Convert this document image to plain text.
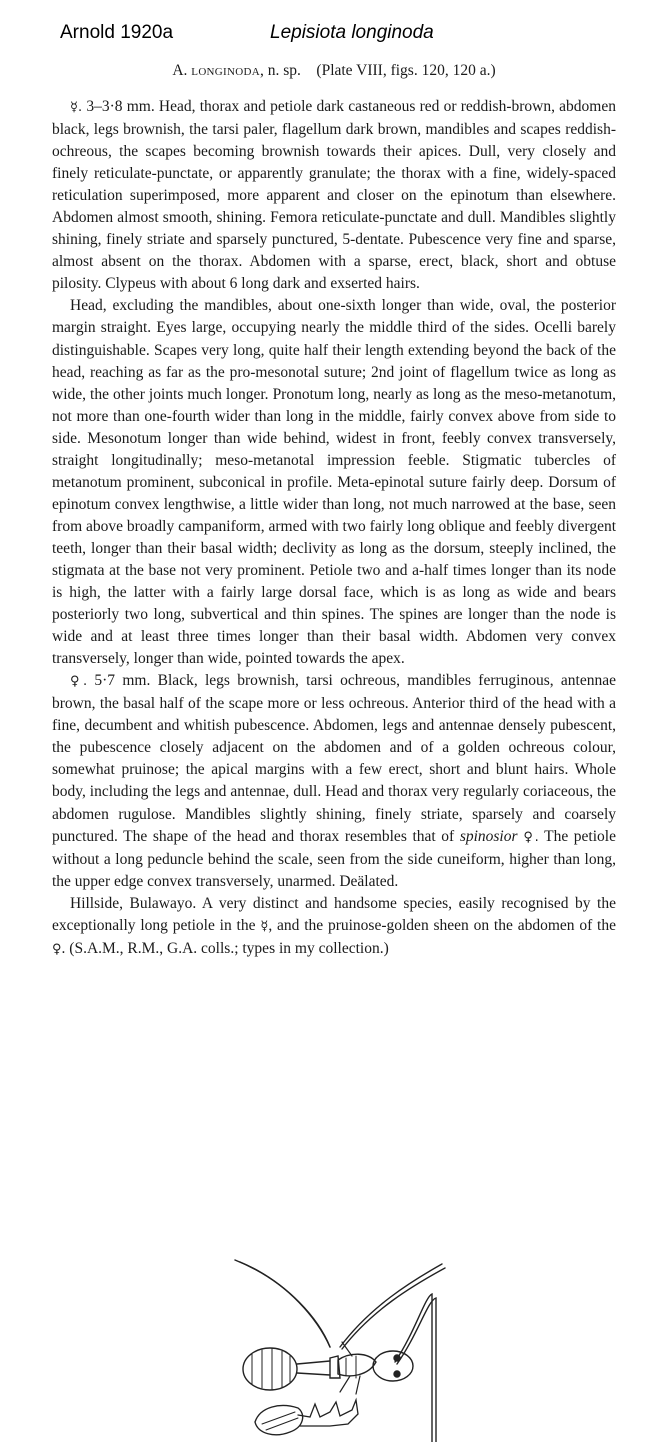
Arnold 1920a	Lepisiota longinoda
A. longinoda, n. sp.    (Plate VIII, figs. 120, 120 a.)

☿. 3–3·8 mm. Head, thorax and petiole dark castaneous red or reddish-brown, abdomen black, legs brownish, the tarsi paler, flagellum dark brown, mandibles and scapes reddish-ochreous, the scapes becoming brownish towards their apices. Dull, very closely and finely reticulate-punctate, or apparently granulate; the thorax with a fine, widely-spaced reticulation superimposed, more apparent and closer on the epinotum than elsewhere. Abdomen almost smooth, shining. Femora reticulate-punctate and dull. Mandibles slightly shining, finely striate and sparsely punctured, 5-dentate. Pubescence very fine and sparse, almost absent on the thorax. Abdomen with a sparse, erect, black, short and obtuse pilosity. Clypeus with about 6 long dark and exserted hairs.

Head, excluding the mandibles, about one-sixth longer than wide, oval, the posterior margin straight. Eyes large, occupying nearly the middle third of the sides. Ocelli barely distinguishable. Scapes very long, quite half their length extending beyond the back of the head, reaching as far as the pro-mesonotal suture; 2nd joint of flagellum twice as long as wide, the other joints much longer. Pronotum long, nearly as long as the meso-metanotum, not more than one-fourth wider than long in the middle, fairly convex above from side to side. Mesonotum longer than wide behind, widest in front, feebly convex transversely, straight longitudinally; meso-metanotal impression feeble. Stigmatic tubercles of metanotum prominent, subconical in profile. Meta-epinotal suture fairly deep. Dorsum of epinotum convex lengthwise, a little wider than long, not much narrowed at the base, seen from above broadly campaniform, armed with two fairly long oblique and feebly divergent teeth, longer than their basal width; declivity as long as the dorsum, steeply inclined, the stigmata at the base not very prominent. Petiole two and a-half times longer than its node is high, the latter with a fairly large dorsal face, which is as long as wide and bears posteriorly two long, subvertical and thin spines. The spines are longer than the node is wide and at least three times longer than their basal width. Abdomen very convex transversely, longer than wide, pointed towards the apex.

♀. 5·7 mm. Black, legs brownish, tarsi ochreous, mandibles ferruginous, antennae brown, the basal half of the scape more or less ochreous. Anterior third of the head with a fine, decumbent and whitish pubescence. Abdomen, legs and antennae densely pubescent, the pubescence closely adjacent on the abdomen and of a golden ochreous colour, somewhat pruinose; the apical margins with a few erect, short and blunt hairs. Whole body, including the legs and antennae, dull. Head and thorax very regularly coriaceous, the abdomen rugulose. Mandibles slightly shining, finely striate, sparsely and coarsely punctured. The shape of the head and thorax resembles that of spinosior ♀. The petiole without a long peduncle behind the scale, seen from the side cuneiform, higher than long, the upper edge convex transversely, unarmed. Deälated.

Hillside, Bulawayo. A very distinct and handsome species, easily recognised by the exceptionally long petiole in the ☿, and the pruinose-golden sheen on the abdomen of the ♀. (S.A.M., R.M., G.A. colls.; types in my collection.)
